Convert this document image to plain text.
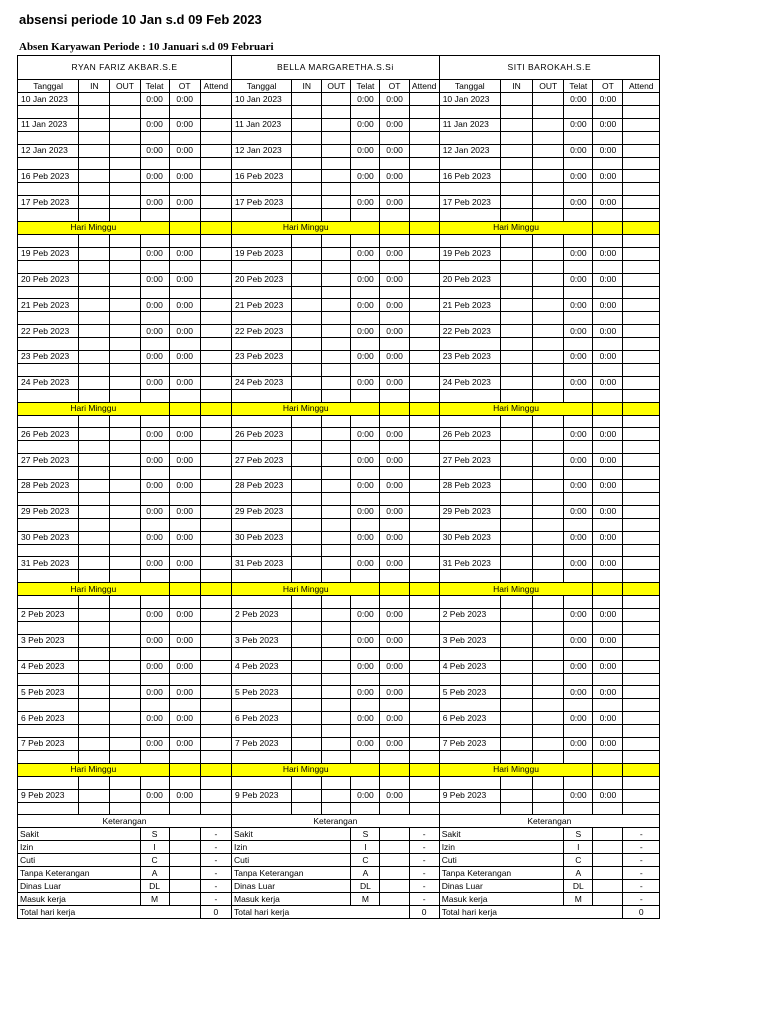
absensi periode 10 Jan s.d 09 Feb 2023
Absen Karyawan Periode : 10 Januari s.d 09 Februari
RYAN FARIZ AKBAR.S.E						BELLA MARGARETHA.S.Si						SITI BAROKAH.S.E					
Tanggal	IN	OUT	Telat	OT	Attend	Tanggal	IN	OUT	Telat	OT	Attend	Tanggal	IN	OUT	Telat	OT	Attend
10 Jan 2023			0:00	0:00		10 Jan 2023			0:00	0:00		10 Jan 2023			0:00	0:00	

11 Jan 2023			0:00	0:00		11 Jan 2023			0:00	0:00		11 Jan 2023			0:00	0:00	

12 Jan 2023			0:00	0:00		12 Jan 2023			0:00	0:00		12 Jan 2023			0:00	0:00	

16 Peb 2023			0:00	0:00		16 Peb 2023			0:00	0:00		16 Peb 2023			0:00	0:00	

17 Peb 2023			0:00	0:00		17 Peb 2023			0:00	0:00		17 Peb 2023			0:00	0:00	

Hari Minggu						Hari Minggu						Hari Minggu					

19 Peb 2023			0:00	0:00		19 Peb 2023			0:00	0:00		19 Peb 2023			0:00	0:00	

20 Peb 2023			0:00	0:00		20 Peb 2023			0:00	0:00		20 Peb 2023			0:00	0:00	

21 Peb 2023			0:00	0:00		21 Peb 2023			0:00	0:00		21 Peb 2023			0:00	0:00	

22 Peb 2023			0:00	0:00		22 Peb 2023			0:00	0:00		22 Peb 2023			0:00	0:00	

23 Peb 2023			0:00	0:00		23 Peb 2023			0:00	0:00		23 Peb 2023			0:00	0:00	

24 Peb 2023			0:00	0:00		24 Peb 2023			0:00	0:00		24 Peb 2023			0:00	0:00	

Hari Minggu						Hari Minggu						Hari Minggu					

26 Peb 2023			0:00	0:00		26 Peb 2023			0:00	0:00		26 Peb 2023			0:00	0:00	

27 Peb 2023			0:00	0:00		27 Peb 2023			0:00	0:00		27 Peb 2023			0:00	0:00	

28 Peb 2023			0:00	0:00		28 Peb 2023			0:00	0:00		28 Peb 2023			0:00	0:00	

29 Peb 2023			0:00	0:00		29 Peb 2023			0:00	0:00		29 Peb 2023			0:00	0:00	

30 Peb 2023			0:00	0:00		30 Peb 2023			0:00	0:00		30 Peb 2023			0:00	0:00	

31 Peb 2023			0:00	0:00		31 Peb 2023			0:00	0:00		31 Peb 2023			0:00	0:00	

Hari Minggu						Hari Minggu						Hari Minggu					

2 Peb 2023			0:00	0:00		2 Peb 2023			0:00	0:00		2 Peb 2023			0:00	0:00	

3 Peb 2023			0:00	0:00		3 Peb 2023			0:00	0:00		3 Peb 2023			0:00	0:00	

4 Peb 2023			0:00	0:00		4 Peb 2023			0:00	0:00		4 Peb 2023			0:00	0:00	

5 Peb 2023			0:00	0:00		5 Peb 2023			0:00	0:00		5 Peb 2023			0:00	0:00	

6 Peb 2023			0:00	0:00		6 Peb 2023			0:00	0:00		6 Peb 2023			0:00	0:00	

7 Peb 2023			0:00	0:00		7 Peb 2023			0:00	0:00		7 Peb 2023			0:00	0:00	

Hari Minggu						Hari Minggu						Hari Minggu					

9 Peb 2023			0:00	0:00		9 Peb 2023			0:00	0:00		9 Peb 2023			0:00	0:00	

Keterangan						Keterangan						Keterangan					
Sakit			S		-	Sakit			S		-	Sakit			S		-
Izin			I		-	Izin			I		-	Izin			I		-
Cuti			C		-	Cuti			C		-	Cuti			C		-
Tanpa Keterangan			A		-	Tanpa Keterangan			A		-	Tanpa Keterangan			A		-
Dinas Luar			DL		-	Dinas Luar			DL		-	Dinas Luar			DL		-
Masuk kerja			M		-	Masuk kerja			M		-	Masuk kerja			M		-
Total hari kerja					0	Total hari kerja					0	Total hari kerja					0
